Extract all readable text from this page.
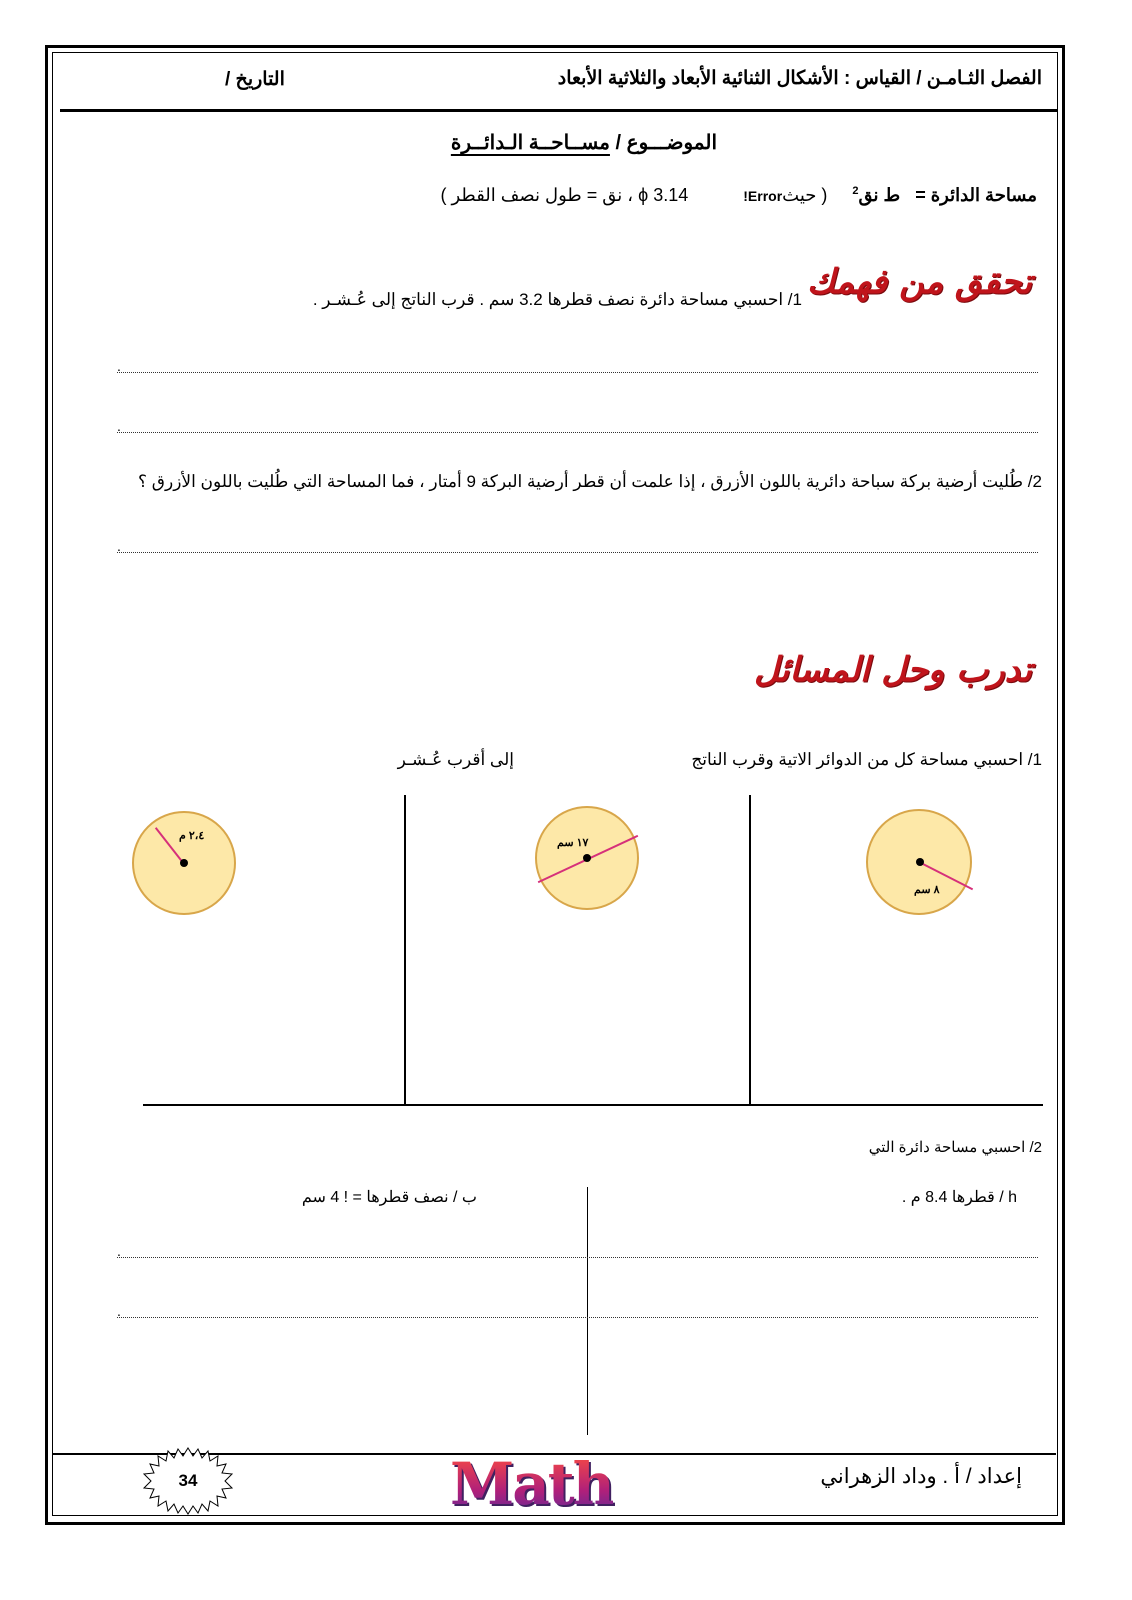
الفصل الثـامـن / القياس : الأشكال الثنائية الأبعاد والثلاثية الأبعاد
التاريخ /
الموضـــوع / مســاحــة الـدائــرة
مساحة الدائرة =   ط نق$^2$     ( حيثError!           ϕ 3.14 ، نق = طول نصف القطر )
تحقق من فهمك
1/ احسبي مساحة دائرة نصف قطرها 3.2 سم . قرب الناتج إلى عُـشـر .
.
.
2/ طُليت أرضية بركة سباحة دائرية باللون الأزرق ، إذا علمت أن قطر أرضية البركة 9 أمتار ، فما المساحة التي طُليت باللون الأزرق ؟
.
تدرب وحل المسائل
1/ احسبي مساحة كل من الدوائر الاتية وقرب الناتج
إلى أقرب عُـشـر
٨ سم
١٧ سم
٢،٤ م
2/ احسبي مساحة دائرة التي
h / قطرها 8.4 م .
ب / نصف قطرها = ! 4 سم
.
.
إعداد / أ . وداد الزهراني
Math
34
